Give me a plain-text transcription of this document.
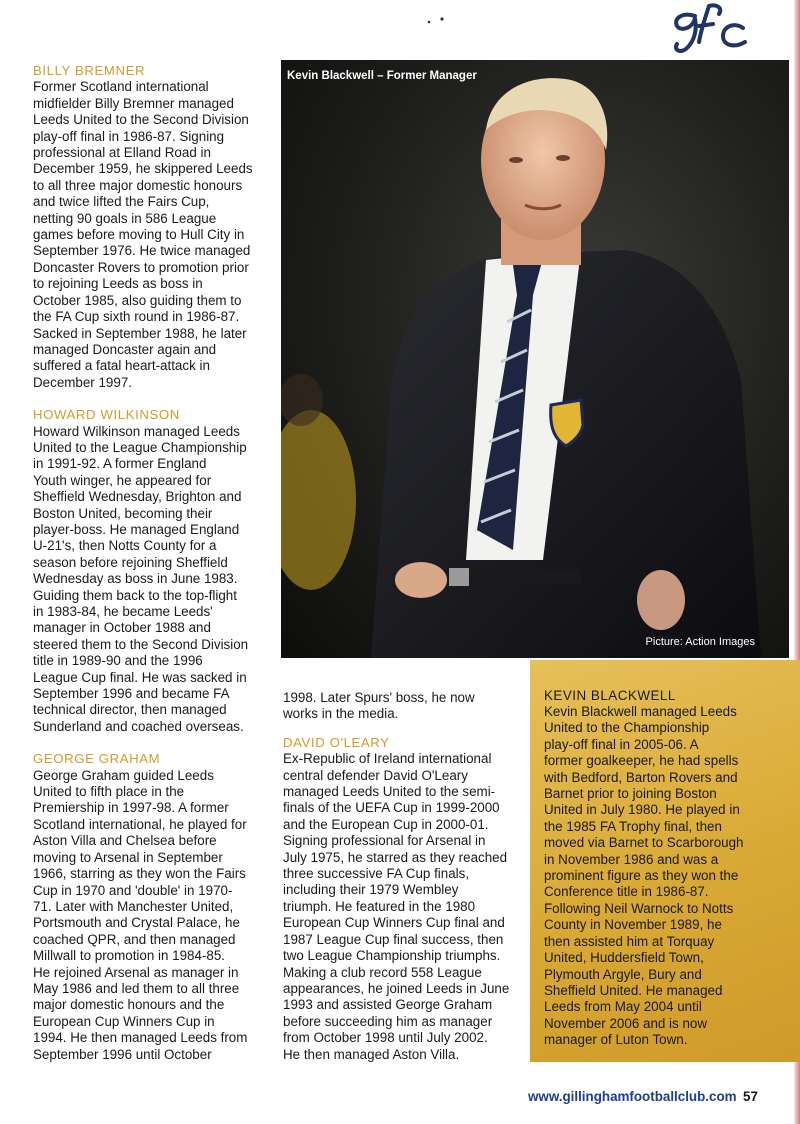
BILLY BREMNER
Former Scotland international
midfielder Billy Bremner managed
Leeds United to the Second Division
play-off final in 1986-87. Signing
professional at Elland Road in
December 1959, he skippered Leeds
to all three major domestic honours
and twice lifted the Fairs Cup,
netting 90 goals in 586 League
games before moving to Hull City in
September 1976. He twice managed
Doncaster Rovers to promotion prior
to rejoining Leeds as boss in
October 1985, also guiding them to
the FA Cup sixth round in 1986-87.
Sacked in September 1988, he later
managed Doncaster again and
suffered a fatal heart-attack in
December 1997.
HOWARD WILKINSON
Howard Wilkinson managed Leeds
United to the League Championship
in 1991-92. A former England
Youth winger, he appeared for
Sheffield Wednesday, Brighton and
Boston United, becoming their
player-boss. He managed England
U-21's, then Notts County for a
season before rejoining Sheffield
Wednesday as boss in June 1983.
Guiding them back to the top-flight
in 1983-84, he became Leeds'
manager in October 1988 and
steered them to the Second Division
title in 1989-90 and the 1996
League Cup final. He was sacked in
September 1996 and became FA
technical director, then managed
Sunderland and coached overseas.
GEORGE GRAHAM
George Graham guided Leeds
United to fifth place in the
Premiership in 1997-98. A former
Scotland international, he played for
Aston Villa and Chelsea before
moving to Arsenal in September
1966, starring as they won the Fairs
Cup in 1970 and 'double' in 1970-
71. Later with Manchester United,
Portsmouth and Crystal Palace, he
coached QPR, and then managed
Millwall to promotion in 1984-85.
He rejoined Arsenal as manager in
May 1986 and led them to all three
major domestic honours and the
European Cup Winners Cup in
1994. He then managed Leeds from
September 1996 until October
Kevin Blackwell – Former Manager
Picture: Action Images
1998. Later Spurs' boss, he now
works in the media.
DAVID O'LEARY
Ex-Republic of Ireland international
central defender David O'Leary
managed Leeds United to the semi-
finals of the UEFA Cup in 1999-2000
and the European Cup in 2000-01.
Signing professional for Arsenal in
July 1975, he starred as they reached
three successive FA Cup finals,
including their 1979 Wembley
triumph. He featured in the 1980
European Cup Winners Cup final and
1987 League Cup final success, then
two League Championship triumphs.
Making a club record 558 League
appearances, he joined Leeds in June
1993 and assisted George Graham
before succeeding him as manager
from October 1998 until July 2002.
He then managed Aston Villa.
KEVIN BLACKWELL
Kevin Blackwell managed Leeds
United to the Championship
play-off final in 2005-06. A
former goalkeeper, he had spells
with Bedford, Barton Rovers and
Barnet prior to joining Boston
United in July 1980. He played in
the 1985 FA Trophy final, then
moved via Barnet to Scarborough
in November 1986 and was a
prominent figure as they won the
Conference title in 1986-87.
Following Neil Warnock to Notts
County in November 1989, he
then assisted him at Torquay
United, Huddersfield Town,
Plymouth Argyle, Bury and
Sheffield United. He managed
Leeds from May 2004 until
November 2006 and is now
manager of Luton Town.
www.gillinghamfootballclub.com 57
